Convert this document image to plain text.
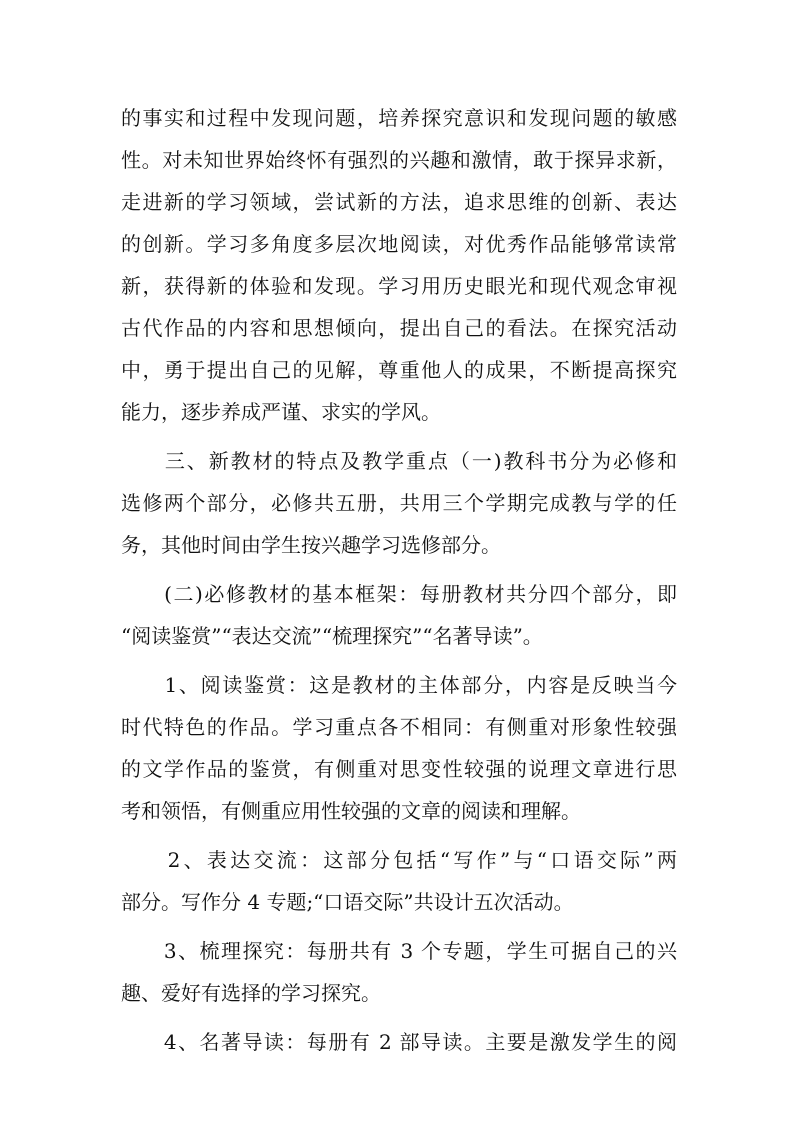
的事实和过程中发现问题，培养探究意识和发现问题的敏感
性。对未知世界始终怀有强烈的兴趣和激情，敢于探异求新，
走进新的学习领域，尝试新的方法，追求思维的创新、表达
的创新。学习多角度多层次地阅读，对优秀作品能够常读常
新，获得新的体验和发现。学习用历史眼光和现代观念审视
古代作品的内容和思想倾向，提出自己的看法。在探究活动
中，勇于提出自己的见解，尊重他人的成果，不断提高探究
能力，逐步养成严谨、求实的学风。
　　三、新教材的特点及教学重点（一)教科书分为必修和
选修两个部分，必修共五册，共用三个学期完成教与学的任
务，其他时间由学生按兴趣学习选修部分。
　　(二)必修教材的基本框架：每册教材共分四个部分，即
“阅读鉴赏”“表达交流”“梳理探究”“名著导读”。
　　1、阅读鉴赏：这是教材的主体部分，内容是反映当今
时代特色的作品。学习重点各不相同：有侧重对形象性较强
的文学作品的鉴赏，有侧重对思变性较强的说理文章进行思
考和领悟，有侧重应用性较强的文章的阅读和理解。
　　2、表达交流：这部分包括“写作”与“口语交际”两
部分。写作分 4 专题;“口语交际”共设计五次活动。
　　3、梳理探究：每册共有 3 个专题，学生可据自己的兴
趣、爱好有选择的学习探究。
　　4、名著导读：每册有 2 部导读。主要是激发学生的阅
